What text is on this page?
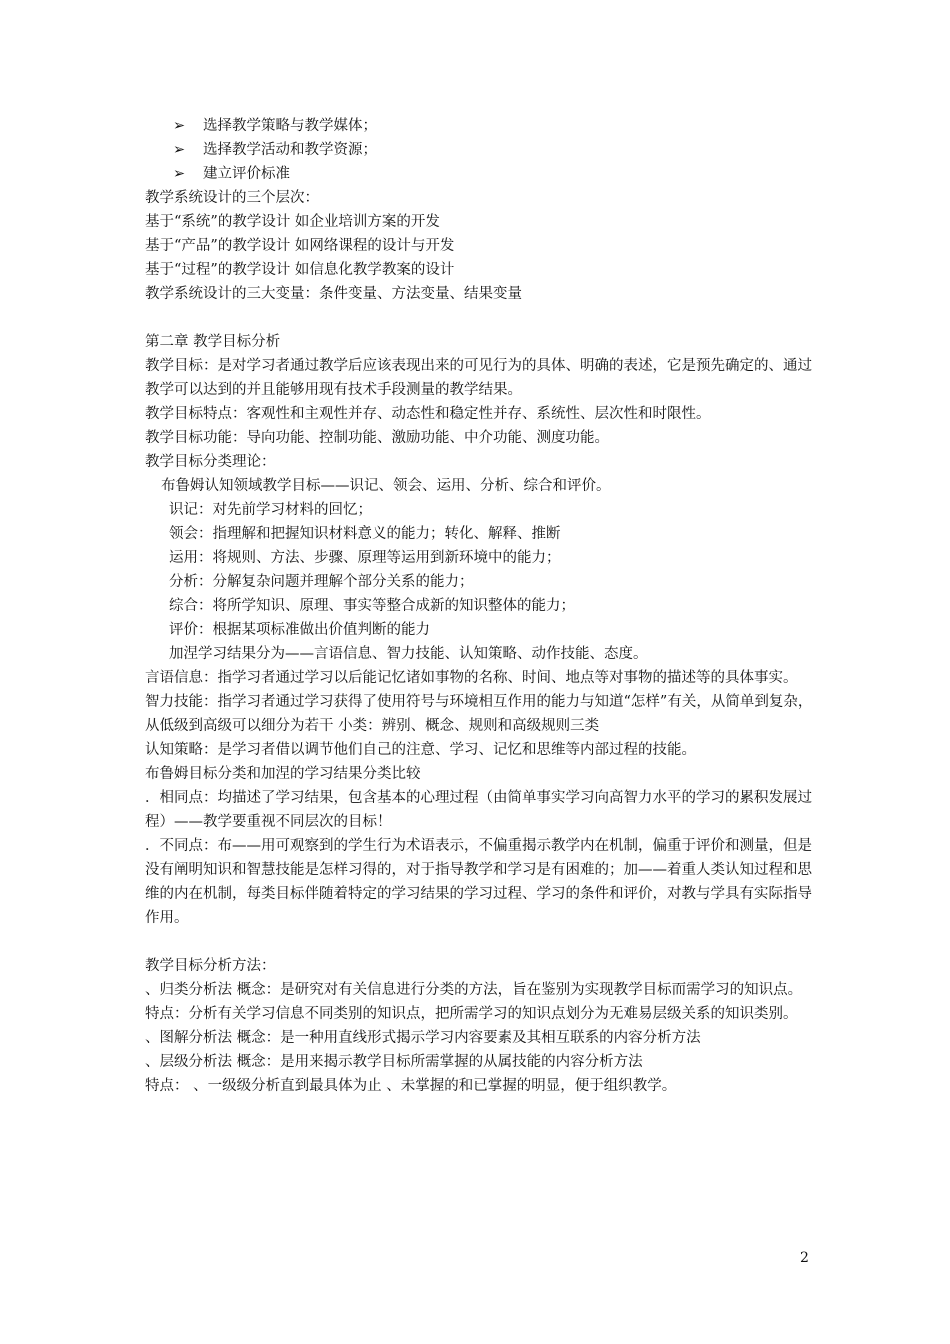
➢	选择教学策略与教学媒体；
➢	选择教学活动和教学资源；
➢	建立评价标准
教学系统设计的三个层次：
基于“系统”的教学设计 如企业培训方案的开发
基于“产品”的教学设计 如网络课程的设计与开发
基于“过程”的教学设计 如信息化教学教案的设计
教学系统设计的三大变量：条件变量、方法变量、结果变量
第二章 教学目标分析
教学目标：是对学习者通过教学后应该表现出来的可见行为的具体、明确的表述，它是预先确定的、通过教学可以达到的并且能够用现有技术手段测量的教学结果。
教学目标特点：客观性和主观性并存、动态性和稳定性并存、系统性、层次性和时限性。
教学目标功能：导向功能、控制功能、激励功能、中介功能、测度功能。
教学目标分类理论：
布鲁姆认知领域教学目标——识记、领会、运用、分析、综合和评价。
识记：对先前学习材料的回忆；
领会：指理解和把握知识材料意义的能力；转化、解释、推断
运用：将规则、方法、步骤、原理等运用到新环境中的能力；
分析：分解复杂问题并理解个部分关系的能力；
综合：将所学知识、原理、事实等整合成新的知识整体的能力；
评价：根据某项标准做出价值判断的能力
加涅学习结果分为——言语信息、智力技能、认知策略、动作技能、态度。
言语信息：指学习者通过学习以后能记忆诸如事物的名称、时间、地点等对事物的描述等的具体事实。
智力技能：指学习者通过学习获得了使用符号与环境相互作用的能力与知道“怎样”有关，从简单到复杂，从低级到高级可以细分为若干 小类：辨别、概念、规则和高级规则三类
认知策略：是学习者借以调节他们自己的注意、学习、记忆和思维等内部过程的技能。
布鲁姆目标分类和加涅的学习结果分类比较
．相同点：均描述了学习结果，包含基本的心理过程（由简单事实学习向高智力水平的学习的累积发展过程）——教学要重视不同层次的目标！
．不同点：布——用可观察到的学生行为术语表示，不偏重揭示教学内在机制，偏重于评价和测量，但是没有阐明知识和智慧技能是怎样习得的，对于指导教学和学习是有困难的；加——着重人类认知过程和思维的内在机制，每类目标伴随着特定的学习结果的学习过程、学习的条件和评价，对教与学具有实际指导作用。
教学目标分析方法：
、归类分析法 概念：是研究对有关信息进行分类的方法，旨在鉴别为实现教学目标而需学习的知识点。
特点：分析有关学习信息不同类别的知识点，把所需学习的知识点划分为无难易层级关系的知识类别。
、图解分析法 概念：是一种用直线形式揭示学习内容要素及其相互联系的内容分析方法
、层级分析法 概念：是用来揭示教学目标所需掌握的从属技能的内容分析方法
特点： 、一级级分析直到最具体为止 、未掌握的和已掌握的明显，便于组织教学。
2
